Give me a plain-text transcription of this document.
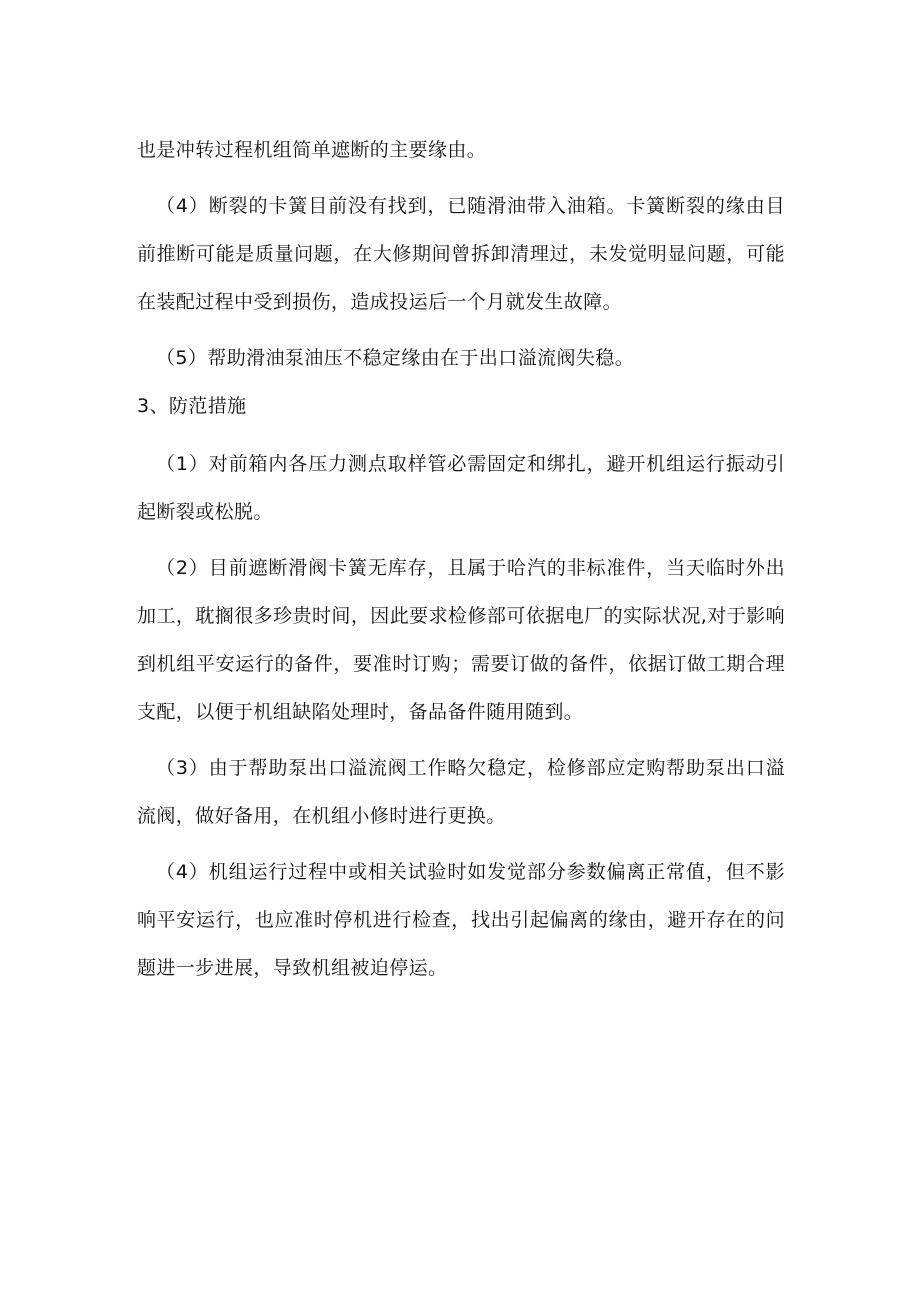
也是冲转过程机组简单遮断的主要缘由。

（4）断裂的卡簧目前没有找到，已随滑油带入油箱。卡簧断裂的缘由目前推断可能是质量问题，在大修期间曾拆卸清理过，未发觉明显问题，可能在装配过程中受到损伤，造成投运后一个月就发生故障。

（5）帮助滑油泵油压不稳定缘由在于出口溢流阀失稳。

3、防范措施

（1）对前箱内各压力测点取样管必需固定和绑扎，避开机组运行振动引起断裂或松脱。

（2）目前遮断滑阀卡簧无库存，且属于哈汽的非标准件，当天临时外出加工，耽搁很多珍贵时间，因此要求检修部可依据电厂的实际状况,对于影响到机组平安运行的备件，要准时订购；需要订做的备件，依据订做工期合理支配，以便于机组缺陷处理时，备品备件随用随到。

（3）由于帮助泵出口溢流阀工作略欠稳定，检修部应定购帮助泵出口溢流阀，做好备用，在机组小修时进行更换。

（4）机组运行过程中或相关试验时如发觉部分参数偏离正常值，但不影响平安运行，也应准时停机进行检查，找出引起偏离的缘由，避开存在的问题进一步进展，导致机组被迫停运。
